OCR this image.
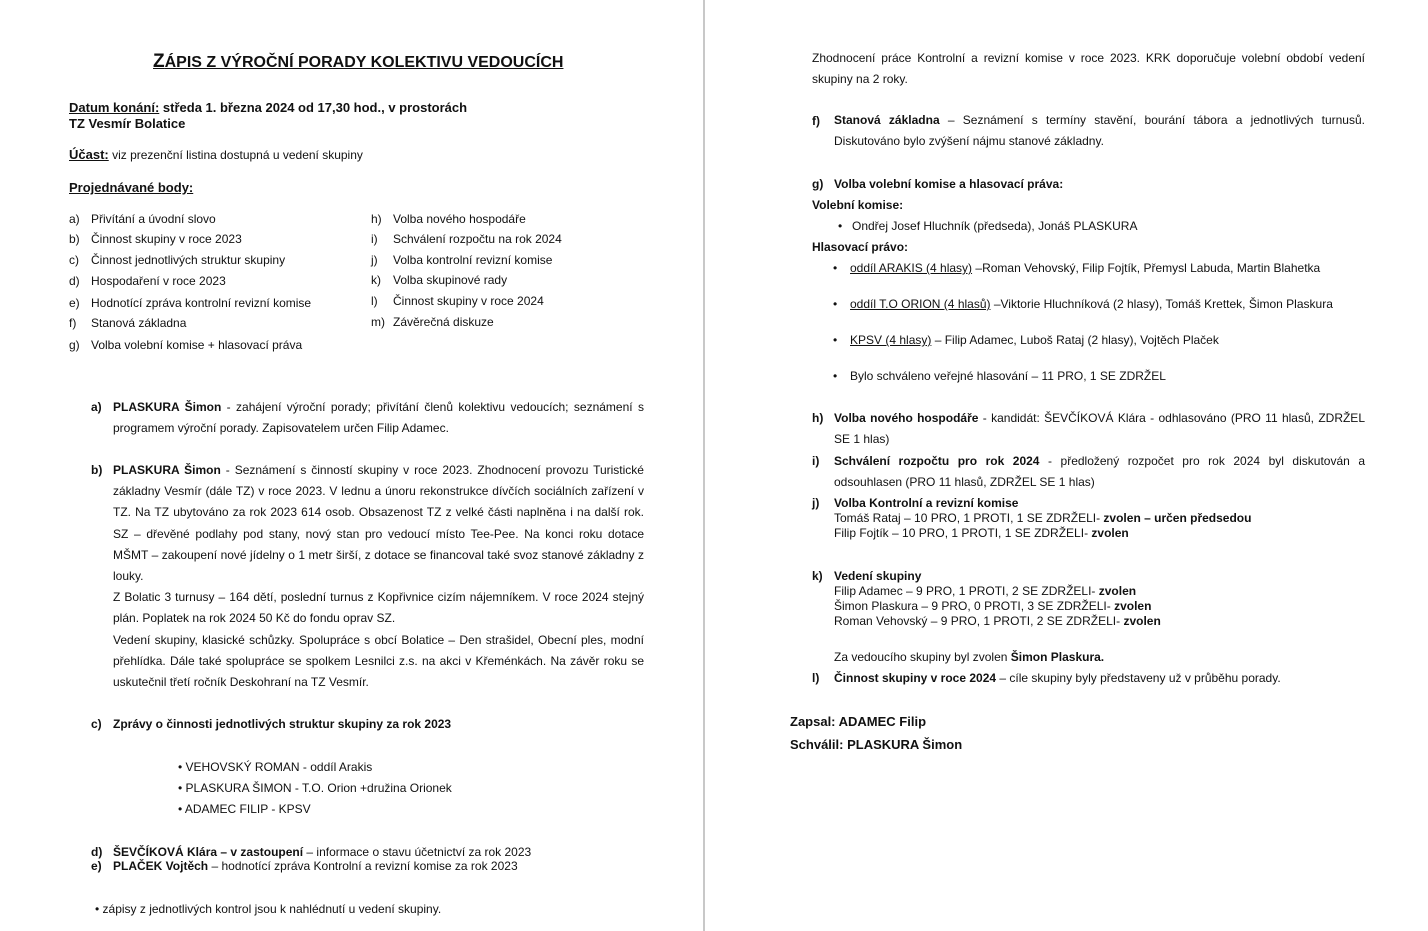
ZÁPIS Z VÝROČNÍ PORADY KOLEKTIVU VEDOUCÍCH
Datum konání: středa 1. března 2024 od 17,30 hod., v prostorách
TZ Vesmír Bolatice
Účast: viz prezenční listina dostupná u vedení skupiny
Projednávané body:
a) Přivítání a úvodní slovo
b) Činnost skupiny v roce 2023
c) Činnost jednotlivých struktur skupiny
d) Hospodaření v roce 2023
e) Hodnotící zpráva kontrolní revizní komise
f) Stanová základna
g) Volba volební komise + hlasovací práva
h) Volba nového hospodáře
i) Schválení rozpočtu na rok 2024
j) Volba kontrolní revizní komise
k) Volba skupinové rady
l) Činnost skupiny v roce 2024
m) Závěrečná diskuze
a) PLASKURA Šimon - zahájení výroční porady; přivítání členů kolektivu vedoucích; seznámení s programem výroční porady. Zapisovatelem určen Filip Adamec.
b) PLASKURA Šimon - Seznámení s činností skupiny v roce 2023. Zhodnocení provozu Turistické základny Vesmír (dále TZ) v roce 2023. V lednu a únoru rekonstrukce dívčích sociálních zařízení v TZ. Na TZ ubytováno za rok 2023 614 osob. Obsazenost TZ z velké části naplněna i na další rok. SZ – dřevěné podlahy pod stany, nový stan pro vedoucí místo Tee-Pee. Na konci roku dotace MŠMT – zakoupení nové jídelny o 1 metr širší, z dotace se financoval také svoz stanové základny z louky.
Z Bolatic 3 turnusy – 164 dětí, poslední turnus z Kopřivnice cizím nájemníkem. V roce 2024 stejný plán. Poplatek na rok 2024 50 Kč do fondu oprav SZ.
Vedení skupiny, klasické schůzky. Spolupráce s obcí Bolatice – Den strašidel, Obecní ples, modní přehlídka. Dále také spolupráce se spolkem Lesnilci z.s. na akci v Křeménkách. Na závěr roku se uskutečnil třetí ročník Deskohraní na TZ Vesmír.
c) Zprávy o činnosti jednotlivých struktur skupiny za rok 2023
• VEHOVSKÝ ROMAN - oddíl Arakis
• PLASKURA ŠIMON - T.O. Orion +družina Orionek
• ADAMEC FILIP - KPSV
d) ŠEVČÍKOVÁ Klára – v zastoupení – informace o stavu účetnictví za rok 2023
e) PLAČEK Vojtěch – hodnotící zpráva Kontrolní a revizní komise za rok 2023
• zápisy z jednotlivých kontrol jsou k nahlédnutí u vedení skupiny.
Zhodnocení práce Kontrolní a revizní komise v roce 2023. KRK doporučuje volební období vedení skupiny na 2 roky.
f) Stanová základna – Seznámení s termíny stavění, bourání tábora a jednotlivých turnusů. Diskutováno bylo zvýšení nájmu stanové základny.
g) Volba volební komise a hlasovací práva:
Volební komise:
• Ondřej Josef Hluchník (předseda), Jonáš PLASKURA
Hlasovací právo:
• oddíl ARAKIS (4 hlasy) –Roman Vehovský, Filip Fojtík, Přemysl Labuda, Martin Blahetka
• oddíl T.O ORION (4 hlasů) –Viktorie Hluchníková (2 hlasy), Tomáš Krettek, Šimon Plaskura
• KPSV (4 hlasy) – Filip Adamec, Luboš Rataj (2 hlasy), Vojtěch Plaček
• Bylo schváleno veřejné hlasování – 11 PRO, 1 SE ZDRŽEL
h) Volba nového hospodáře - kandidát: ŠEVČÍKOVÁ Klára - odhlasováno (PRO 11 hlasů, ZDRŽEL SE 1 hlas)
i) Schválení rozpočtu pro rok 2024 - předložený rozpočet pro rok 2024 byl diskutován a odsouhlasen (PRO 11 hlasů, ZDRŽEL SE 1 hlas)
j) Volba Kontrolní a revizní komise
Tomáš Rataj – 10 PRO, 1 PROTI, 1 SE ZDRŽELI- zvolen – určen předsedou
Filip Fojtík – 10 PRO, 1 PROTI, 1 SE ZDRŽELI- zvolen
k) Vedení skupiny
Filip Adamec – 9 PRO, 1 PROTI, 2 SE ZDRŽELI- zvolen
Šimon Plaskura – 9 PRO, 0 PROTI, 3 SE ZDRŽELI- zvolen
Roman Vehovský – 9 PRO, 1 PROTI, 2 SE ZDRŽELI- zvolen
Za vedoucího skupiny byl zvolen Šimon Plaskura.
l) Činnost skupiny v roce 2024 – cíle skupiny byly představeny už v průběhu porady.
Zapsal: ADAMEC Filip
Schválil: PLASKURA Šimon
